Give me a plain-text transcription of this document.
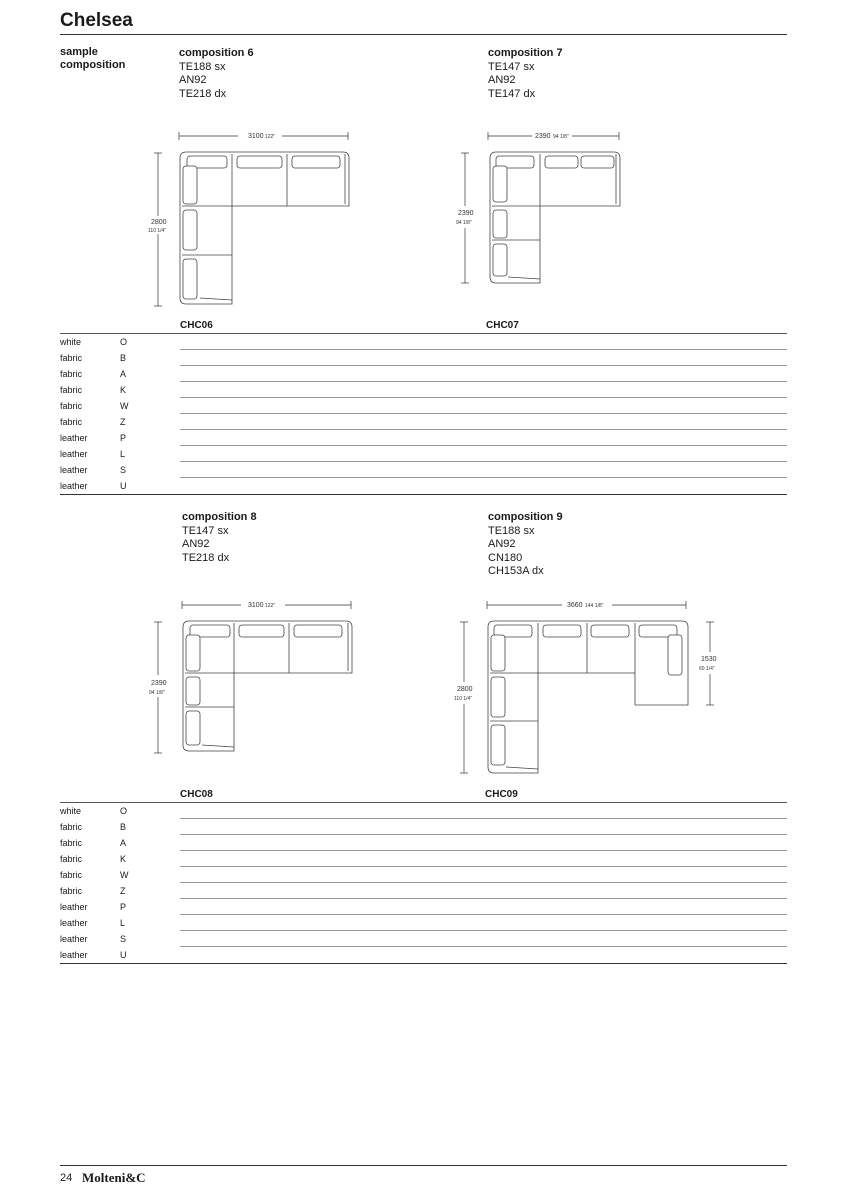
Chelsea
sample composition
composition 6
TE188 sx
AN92
TE218 dx
composition 7
TE147 sx
AN92
TE147 dx
3100 122"
2800
110 1/4"
CHC06
2390 94 1/8"
2390
94 1/8"
CHC07
white	O
fabric	B
fabric	A
fabric	K
fabric	W
fabric	Z
leather	P
leather	L
leather	S
leather	U
composition 8
TE147 sx
AN92
TE218 dx
composition 9
TE188 sx
AN92
CN180
CH153A dx
3100 122"
2390
94 1/8"
CHC08
3660 144 1/8"
2800
110 1/4"
1530
60 1/4"
CHC09
white	O
fabric	B
fabric	A
fabric	K
fabric	W
fabric	Z
leather	P
leather	L
leather	S
leather	U
24 Molteni&C
